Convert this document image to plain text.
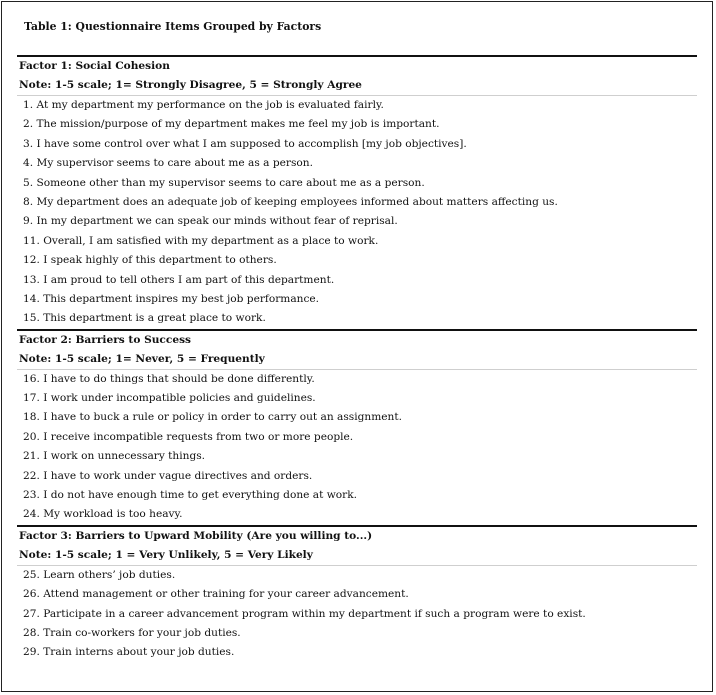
Table 1: Questionnaire Items Grouped by Factors
Factor 1: Social Cohesion
Note: 1-5 scale; 1= Strongly Disagree, 5 = Strongly Agree
1. At my department my performance on the job is evaluated fairly.
2. The mission/purpose of my department makes me feel my job is important.
3. I have some control over what I am supposed to accomplish [my job objectives].
4. My supervisor seems to care about me as a person.
5. Someone other than my supervisor seems to care about me as a person.
8. My department does an adequate job of keeping employees informed about matters affecting us.
9. In my department we can speak our minds without fear of reprisal.
11. Overall, I am satisfied with my department as a place to work.
12. I speak highly of this department to others.
13. I am proud to tell others I am part of this department.
14. This department inspires my best job performance.
15. This department is a great place to work.
Factor 2: Barriers to Success
Note: 1-5 scale; 1= Never, 5 = Frequently
16. I have to do things that should be done differently.
17. I work under incompatible policies and guidelines.
18. I have to buck a rule or policy in order to carry out an assignment.
20. I receive incompatible requests from two or more people.
21. I work on unnecessary things.
22. I have to work under vague directives and orders.
23. I do not have enough time to get everything done at work.
24. My workload is too heavy.
Factor 3: Barriers to Upward Mobility (Are you willing to...)
Note: 1-5 scale; 1 = Very Unlikely, 5 = Very Likely
25. Learn others’ job duties.
26. Attend management or other training for your career advancement.
27. Participate in a career advancement program within my department if such a program were to exist.
28. Train co-workers for your job duties.
29. Train interns about your job duties.
